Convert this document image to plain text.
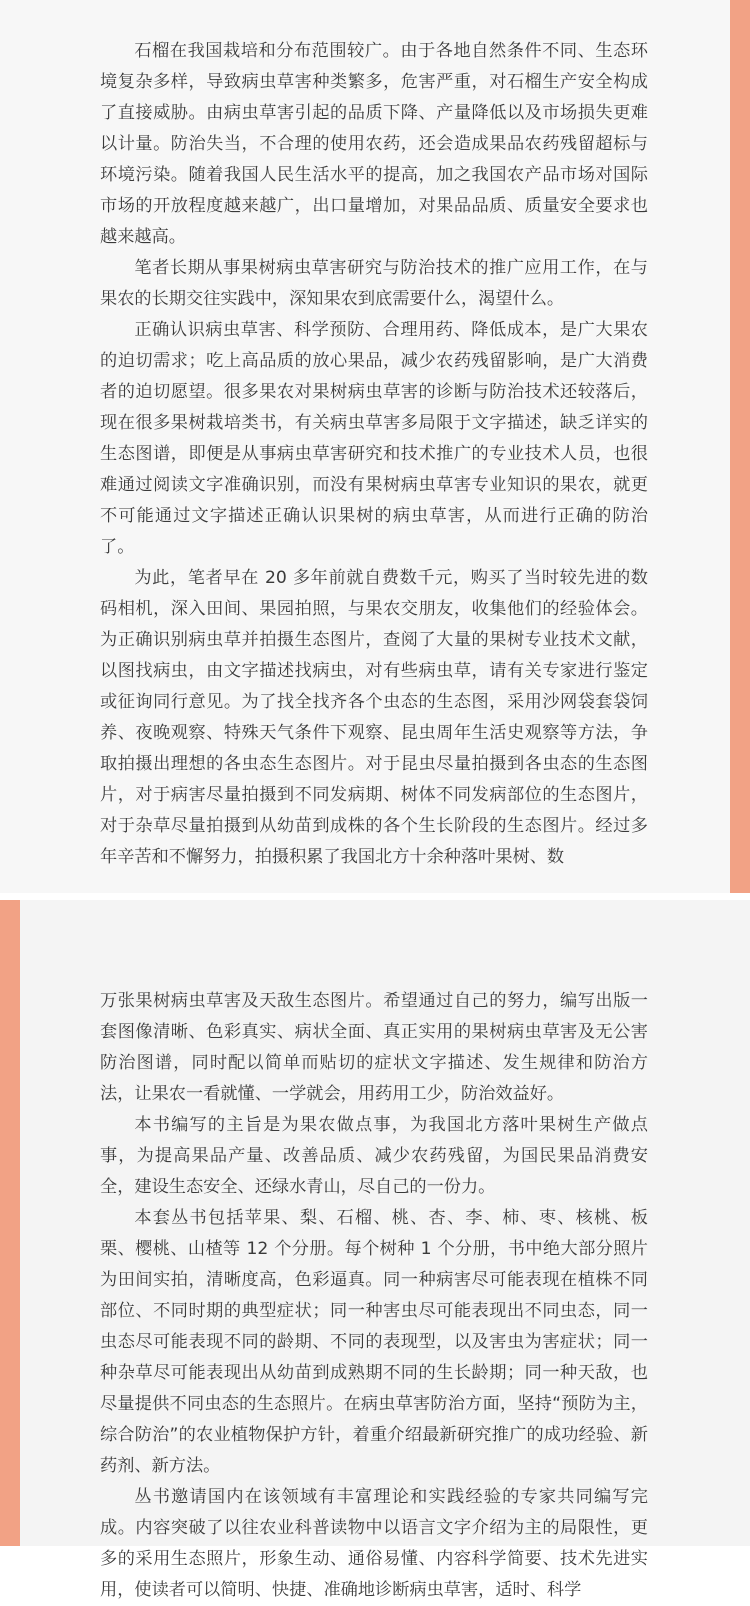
石榴在我国栽培和分布范围较广。由于各地自然条件不同、生态环境复杂多样，导致病虫草害种类繁多，危害严重，对石榴生产安全构成了直接威胁。由病虫草害引起的品质下降、产量降低以及市场损失更难以计量。防治失当，不合理的使用农药，还会造成果品农药残留超标与环境污染。随着我国人民生活水平的提高，加之我国农产品市场对国际市场的开放程度越来越广，出口量增加，对果品品质、质量安全要求也越来越高。

笔者长期从事果树病虫草害研究与防治技术的推广应用工作，在与果农的长期交往实践中，深知果农到底需要什么，渴望什么。

正确认识病虫草害、科学预防、合理用药、降低成本，是广大果农的迫切需求；吃上高品质的放心果品，减少农药残留影响，是广大消费者的迫切愿望。很多果农对果树病虫草害的诊断与防治技术还较落后，现在很多果树栽培类书，有关病虫草害多局限于文字描述，缺乏详实的生态图谱，即便是从事病虫草害研究和技术推广的专业技术人员，也很难通过阅读文字准确识别，而没有果树病虫草害专业知识的果农，就更不可能通过文字描述正确认识果树的病虫草害，从而进行正确的防治了。

为此，笔者早在 20 多年前就自费数千元，购买了当时较先进的数码相机，深入田间、果园拍照，与果农交朋友，收集他们的经验体会。为正确识别病虫草并拍摄生态图片，查阅了大量的果树专业技术文献，以图找病虫，由文字描述找病虫，对有些病虫草，请有关专家进行鉴定或征询同行意见。为了找全找齐各个虫态的生态图，采用沙网袋套袋饲养、夜晚观察、特殊天气条件下观察、昆虫周年生活史观察等方法，争取拍摄出理想的各虫态生态图片。对于昆虫尽量拍摄到各虫态的生态图片，对于病害尽量拍摄到不同发病期、树体不同发病部位的生态图片，对于杂草尽量拍摄到从幼苗到成株的各个生长阶段的生态图片。经过多年辛苦和不懈努力，拍摄积累了我国北方十余种落叶果树、数

万张果树病虫草害及天敌生态图片。希望通过自己的努力，编写出版一套图像清晰、色彩真实、病状全面、真正实用的果树病虫草害及无公害防治图谱，同时配以简单而贴切的症状文字描述、发生规律和防治方法，让果农一看就懂、一学就会，用药用工少，防治效益好。

本书编写的主旨是为果农做点事，为我国北方落叶果树生产做点事，为提高果品产量、改善品质、减少农药残留，为国民果品消费安全，建设生态安全、还绿水青山，尽自己的一份力。

本套丛书包括苹果、梨、石榴、桃、杏、李、柿、枣、核桃、板栗、樱桃、山楂等 12 个分册。每个树种 1 个分册，书中绝大部分照片为田间实拍，清晰度高，色彩逼真。同一种病害尽可能表现在植株不同部位、不同时期的典型症状；同一种害虫尽可能表现出不同虫态，同一虫态尽可能表现不同的龄期、不同的表现型，以及害虫为害症状；同一种杂草尽可能表现出从幼苗到成熟期不同的生长龄期；同一种天敌，也尽量提供不同虫态的生态照片。在病虫草害防治方面，坚持“预防为主，综合防治”的农业植物保护方针，着重介绍最新研究推广的成功经验、新药剂、新方法。

丛书邀请国内在该领域有丰富理论和实践经验的专家共同编写完成。内容突破了以往农业科普读物中以语言文字介绍为主的局限性，更多的采用生态照片，形象生动、通俗易懂、内容科学简要、技术先进实用，使读者可以简明、快捷、准确地诊断病虫草害，适时、科学
